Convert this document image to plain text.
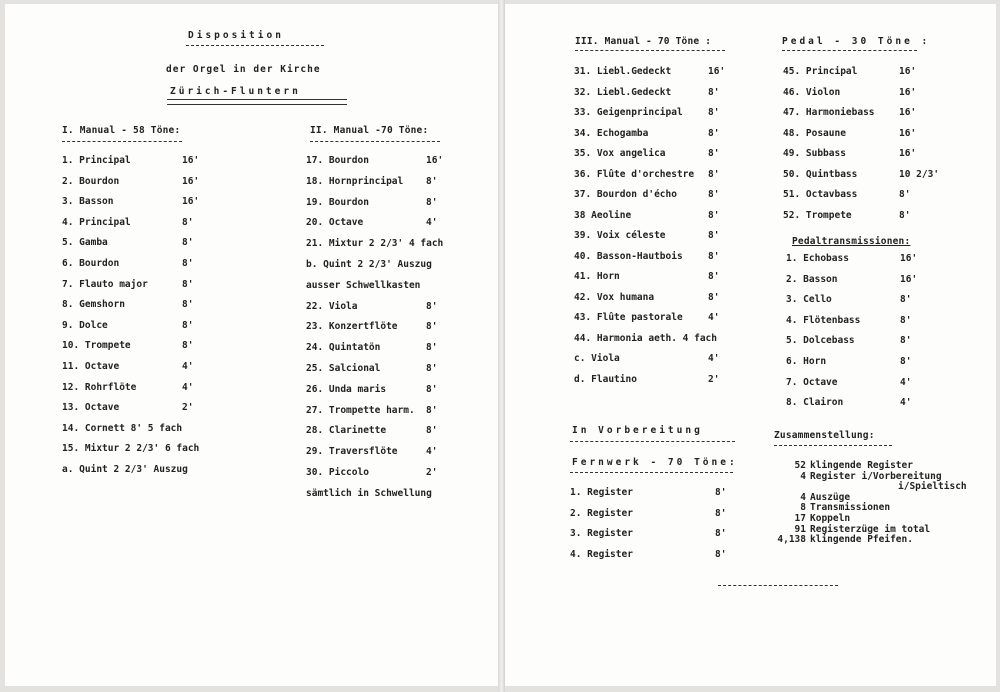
Disposition
der Orgel in der Kirche
Zürich-Fluntern
I. Manual - 58 Töne:	II. Manual -70 Töne:
III. Manual - 70 Töne :	Pedal - 30 Töne :
Pedaltransmissionen:
In Vorbereitung
Fernwerk - 70 Töne:
Zusammenstellung:
1. Principal	16'
2. Bourdon	16'
3. Basson	16'
4. Principal	8'
5. Gamba	8'
6. Bourdon	8'
7. Flauto major	8'
8. Gemshorn	8'
9. Dolce	8'
10. Trompete	8'
11. Octave	4'
12. Rohrflöte	4'
13. Octave	2'
14. Cornett 8' 5 fach
15. Mixtur 2 2/3' 6 fach
a. Quint 2 2/3' Auszug
17. Bourdon	16'
18. Hornprincipal 8'
19. Bourdon	8'
20. Octave	4'
21. Mixtur 2 2/3' 4 fach
b. Quint 2 2/3' Auszug
ausser Schwellkasten
22. Viola	8'
23. Konzertflöte	8'
24. Quintatön	8'
25. Salcional	8'
26. Unda maris	8'
27. Trompette harm. 8'
28. Clarinette	8'
29. Traversflöte	4'
30. Piccolo	2'
sämtlich in Schwellung
31. Liebl.Gedeckt	16'
32. Liebl.Gedeckt	8'
33. Geigenprincipal	8'
34. Echogamba	8'
35. Vox angelica	8'
36. Flûte d'orchestre 8'
37. Bourdon d'écho	8'
38 Aeoline	8'
39. Voix céleste	8'
40. Basson-Hautbois	8'
41. Horn	8'
42. Vox humana	8'
43. Flûte pastorale	4'
44. Harmonia aeth. 4 fach
c. Viola	4'
d. Flautino	2'
45. Principal	16'
46. Violon	16'
47. Harmoniebass	16'
48. Posaune	16'
49. Subbass	16'
50. Quintbass	10 2/3'
51. Octavbass	8'
52. Trompete	8'
1. Echobass	16'
2. Basson	16'
3. Cello	8'
4. Flötenbass	8'
5. Dolcebass	8'
6. Horn	8'
7. Octave	4'
8. Clairon	4'
1. Register	8'
2. Register	8'
3. Register	8'
4. Register	8'
52 klingende Register
4 Register i/Vorbereitung
i/Spieltisch
4 Auszüge
8 Transmissionen
17 Koppeln
91 Registerzüge im total
4,138 klingende Pfeifen.
